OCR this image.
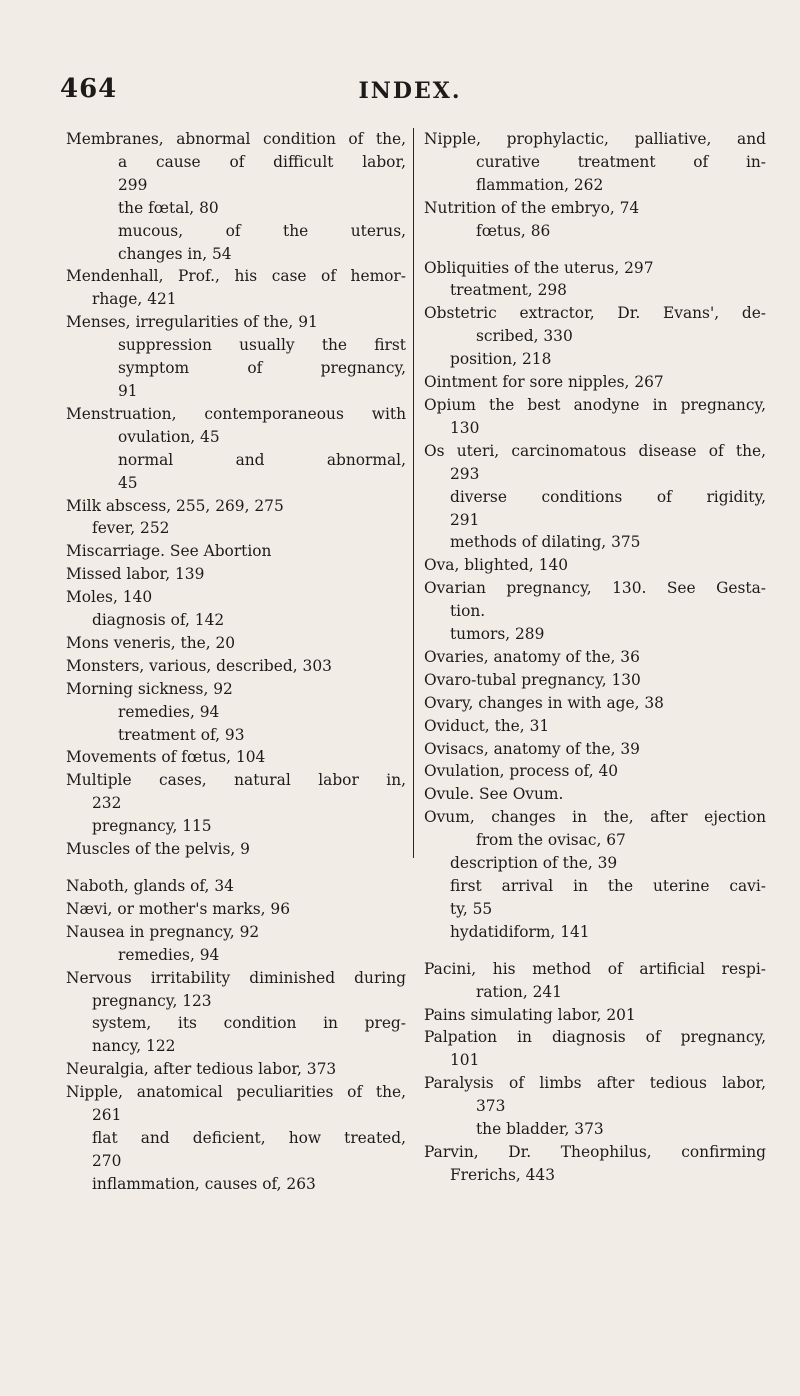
464	INDEX.
Membranes, abnormal condition of the,
a cause of difficult labor,
299
the fœtal, 80
mucous, of the uterus,
changes in, 54
Mendenhall, Prof., his case of hemor-
rhage, 421
Menses, irregularities of the, 91
suppression usually the first
symptom of pregnancy,
91
Menstruation, contemporaneous with
ovulation, 45
normal and abnormal,
45
Milk abscess, 255, 269, 275
fever, 252
Miscarriage. See Abortion
Missed labor, 139
Moles, 140
diagnosis of, 142
Mons veneris, the, 20
Monsters, various, described, 303
Morning sickness, 92
remedies, 94
treatment of, 93
Movements of fœtus, 104
Multiple cases, natural labor in,
232
pregnancy, 115
Muscles of the pelvis, 9
Naboth, glands of, 34
Nævi, or mother's marks, 96
Nausea in pregnancy, 92
remedies, 94
Nervous irritability diminished during
pregnancy, 123
system, its condition in preg-
nancy, 122
Neuralgia, after tedious labor, 373
Nipple, anatomical peculiarities of the,
261
flat and deficient, how treated,
270
inflammation, causes of, 263
Nipple, prophylactic, palliative, and
curative treatment of in-
flammation, 262
Nutrition of the embryo, 74
fœtus, 86
Obliquities of the uterus, 297
treatment, 298
Obstetric extractor, Dr. Evans', de-
scribed, 330
position, 218
Ointment for sore nipples, 267
Opium the best anodyne in pregnancy,
130
Os uteri, carcinomatous disease of the,
293
diverse conditions of rigidity,
291
methods of dilating, 375
Ova, blighted, 140
Ovarian pregnancy, 130. See Gesta-
tion.
tumors, 289
Ovaries, anatomy of the, 36
Ovaro-tubal pregnancy, 130
Ovary, changes in with age, 38
Oviduct, the, 31
Ovisacs, anatomy of the, 39
Ovulation, process of, 40
Ovule. See Ovum.
Ovum, changes in the, after ejection
from the ovisac, 67
description of the, 39
first arrival in the uterine cavi-
ty, 55
hydatidiform, 141
Pacini, his method of artificial respi-
ration, 241
Pains simulating labor, 201
Palpation in diagnosis of pregnancy,
101
Paralysis of limbs after tedious labor,
373
the bladder, 373
Parvin, Dr. Theophilus, confirming
Frerichs, 443
